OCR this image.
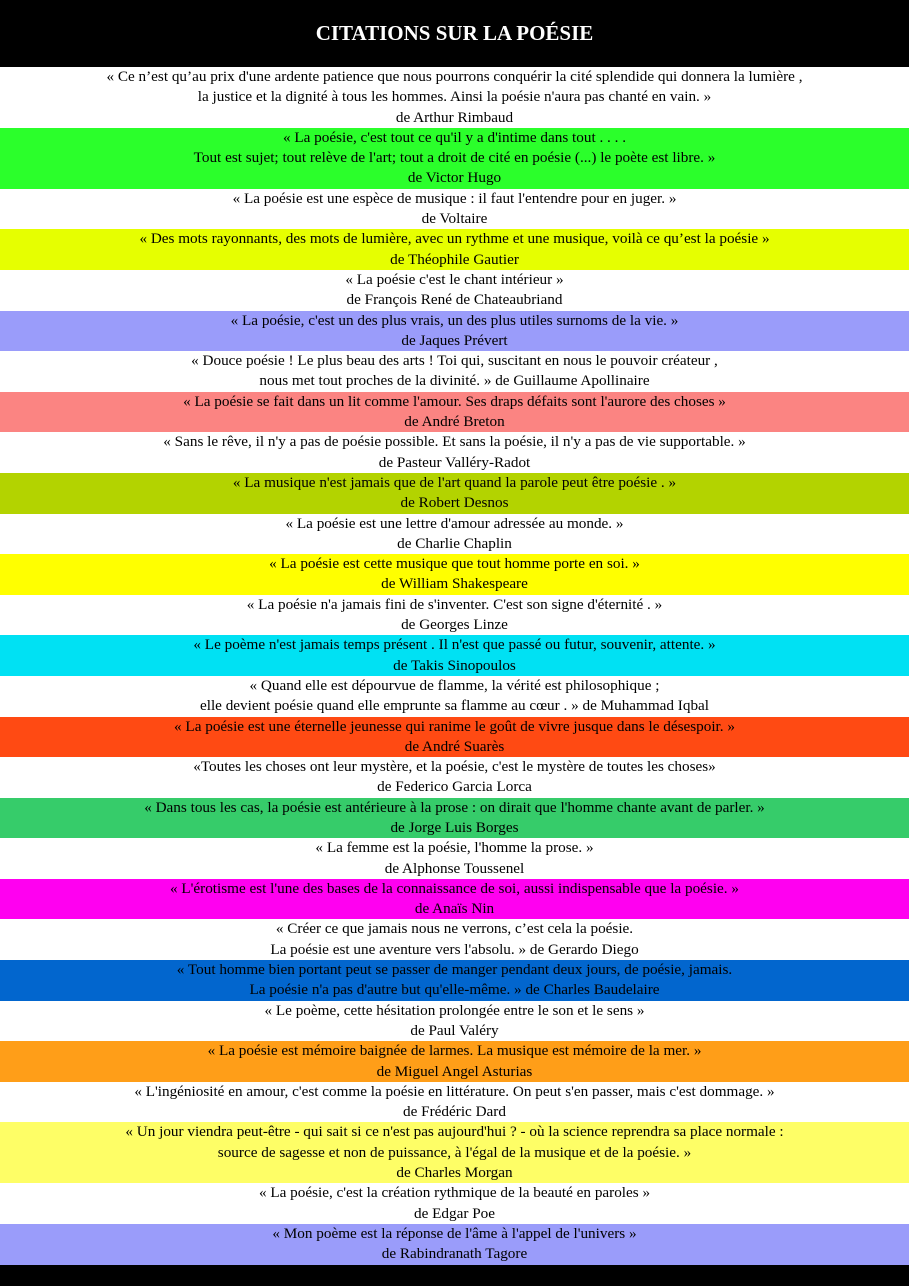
CITATIONS SUR LA POÉSIE
« Ce n’est qu’au prix d'une ardente patience que nous pourrons conquérir la cité splendide qui donnera la lumière ,
la justice et la dignité à tous les hommes. Ainsi la poésie n'aura pas chanté en vain. »
de Arthur Rimbaud
« La poésie, c'est tout ce qu'il y a d'intime dans tout . . . .
Tout est sujet; tout relève de l'art; tout a droit de cité en poésie (...) le poète est libre. »
de Victor Hugo
« La poésie est une espèce de musique : il faut l'entendre pour en juger. »
de Voltaire
« Des mots rayonnants, des mots de lumière, avec un rythme et une musique, voilà ce qu’est la poésie »
de Théophile Gautier
« La poésie c'est le chant intérieur »
de François René de Chateaubriand
« La poésie, c'est un des plus vrais, un des plus utiles surnoms de la vie. »
de Jaques Prévert
« Douce poésie ! Le plus beau des arts ! Toi qui, suscitant en nous le pouvoir créateur ,
nous met tout proches de la divinité. » de Guillaume Apollinaire
« La poésie se fait dans un lit comme l'amour. Ses draps défaits sont l'aurore des choses »
de André Breton
« Sans le rêve, il n'y a pas de poésie possible. Et sans la poésie, il n'y a pas de vie supportable. »
de Pasteur Valléry-Radot
« La musique n'est jamais que de l'art quand la parole peut être poésie . »
de Robert Desnos
« La poésie est une lettre d'amour adressée au monde. »
de Charlie Chaplin
« La poésie est cette musique que tout homme porte en soi. »
de William Shakespeare
« La poésie n'a jamais fini de s'inventer. C'est son signe d'éternité . »
de Georges Linze
« Le poème n'est jamais temps présent . Il n'est que passé ou futur, souvenir, attente. »
de Takis Sinopoulos
« Quand elle est dépourvue de flamme, la vérité est philosophique ;
elle devient poésie quand elle emprunte sa flamme au cœur . » de Muhammad Iqbal
« La poésie est une éternelle jeunesse qui ranime le goût de vivre jusque dans le désespoir. »
de André Suarès
«Toutes les choses ont leur mystère, et la poésie, c'est le mystère de toutes les choses»
de Federico Garcia Lorca
« Dans tous les cas, la poésie est antérieure à la prose : on dirait que l'homme chante avant de parler. »
de Jorge Luis Borges
« La femme est la poésie, l'homme la prose. »
de Alphonse Toussenel
« L'érotisme est l'une des bases de la connaissance de soi, aussi indispensable que la poésie. »
de Anaïs Nin
« Créer ce que jamais nous ne verrons, c’est cela la poésie.
La poésie est une aventure vers l'absolu. » de Gerardo Diego
« Tout homme bien portant peut se passer de manger pendant deux jours, de poésie, jamais.
La poésie n'a pas d'autre but qu'elle-même. » de Charles Baudelaire
« Le poème, cette hésitation prolongée entre le son et le sens »
de Paul Valéry
« La poésie est mémoire baignée de larmes. La musique est mémoire de la mer. »
de Miguel Angel Asturias
« L'ingéniosité en amour, c'est comme la poésie en littérature. On peut s'en passer, mais c'est dommage. »
de Frédéric Dard
« Un jour viendra peut-être - qui sait si ce n'est pas aujourd'hui ? - où la science reprendra sa place normale :
source de sagesse et non de puissance, à l'égal de la musique et de la poésie. »
de Charles Morgan
« La poésie, c'est la création rythmique de la beauté en paroles »
de Edgar Poe
« Mon poème est la réponse de l'âme à l'appel de l'univers »
de Rabindranath Tagore
